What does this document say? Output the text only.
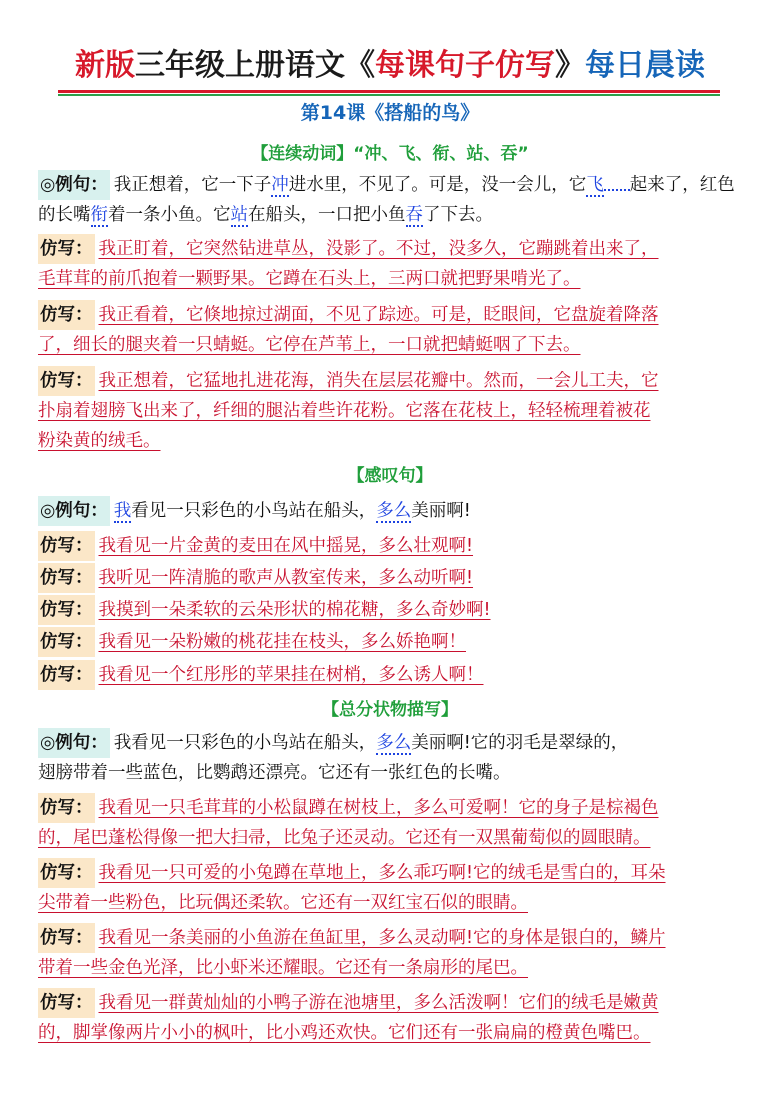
新版三年级上册语文《每课句子仿写》每日晨读
第14课《搭船的鸟》
【连续动词】“冲、飞、衔、站、吞”
◎例句： 我正想着，它一下子冲进水里，不见了。可是，没一会儿，它飞 起来了，红色的长嘴衔着一条小鱼。它站在船头，一口把小鱼吞了下去。
仿写： 我正盯着，它突然钻进草丛，没影了。不过，没多久，它蹦跳着出来了，
毛茸茸的前爪抱着一颗野果。它蹲在石头上，三两口就把野果啃光了。
仿写： 我正看着，它倏地掠过湖面，不见了踪迹。可是，眨眼间，它盘旋着降落
了，细长的腿夹着一只蜻蜓。它停在芦苇上，一口就把蜻蜓咽了下去。
仿写： 我正想着，它猛地扎进花海，消失在层层花瓣中。然而，一会儿工夫，它
扑扇着翅膀飞出来了，纤细的腿沾着些许花粉。它落在花枝上，轻轻梳理着被花
粉染黄的绒毛。
【感叹句】
◎例句： 我看见一只彩色的小鸟站在船头，多么美丽啊!
仿写： 我看见一片金黄的麦田在风中摇晃，多么壮观啊!
仿写： 我听见一阵清脆的歌声从教室传来，多么动听啊!
仿写： 我摸到一朵柔软的云朵形状的棉花糖，多么奇妙啊!
仿写： 我看见一朵粉嫩的桃花挂在枝头，多么娇艳啊！
仿写： 我看见一个红彤彤的苹果挂在树梢，多么诱人啊！
【总分状物描写】
◎例句： 我看见一只彩色的小鸟站在船头，多么美丽啊!它的羽毛是翠绿的，
翅膀带着一些蓝色，比鹦鹉还漂亮。它还有一张红色的长嘴。
仿写： 我看见一只毛茸茸的小松鼠蹲在树枝上，多么可爱啊！它的身子是棕褐色
的，尾巴蓬松得像一把大扫帚，比兔子还灵动。它还有一双黑葡萄似的圆眼睛。
仿写： 我看见一只可爱的小兔蹲在草地上，多么乖巧啊!它的绒毛是雪白的，耳朵
尖带着一些粉色，比玩偶还柔软。它还有一双红宝石似的眼睛。
仿写： 我看见一条美丽的小鱼游在鱼缸里，多么灵动啊!它的身体是银白的，鳞片
带着一些金色光泽，比小虾米还耀眼。它还有一条扇形的尾巴。
仿写： 我看见一群黄灿灿的小鸭子游在池塘里，多么活泼啊！它们的绒毛是嫩黄
的，脚掌像两片小小的枫叶，比小鸡还欢快。它们还有一张扁扁的橙黄色嘴巴。
